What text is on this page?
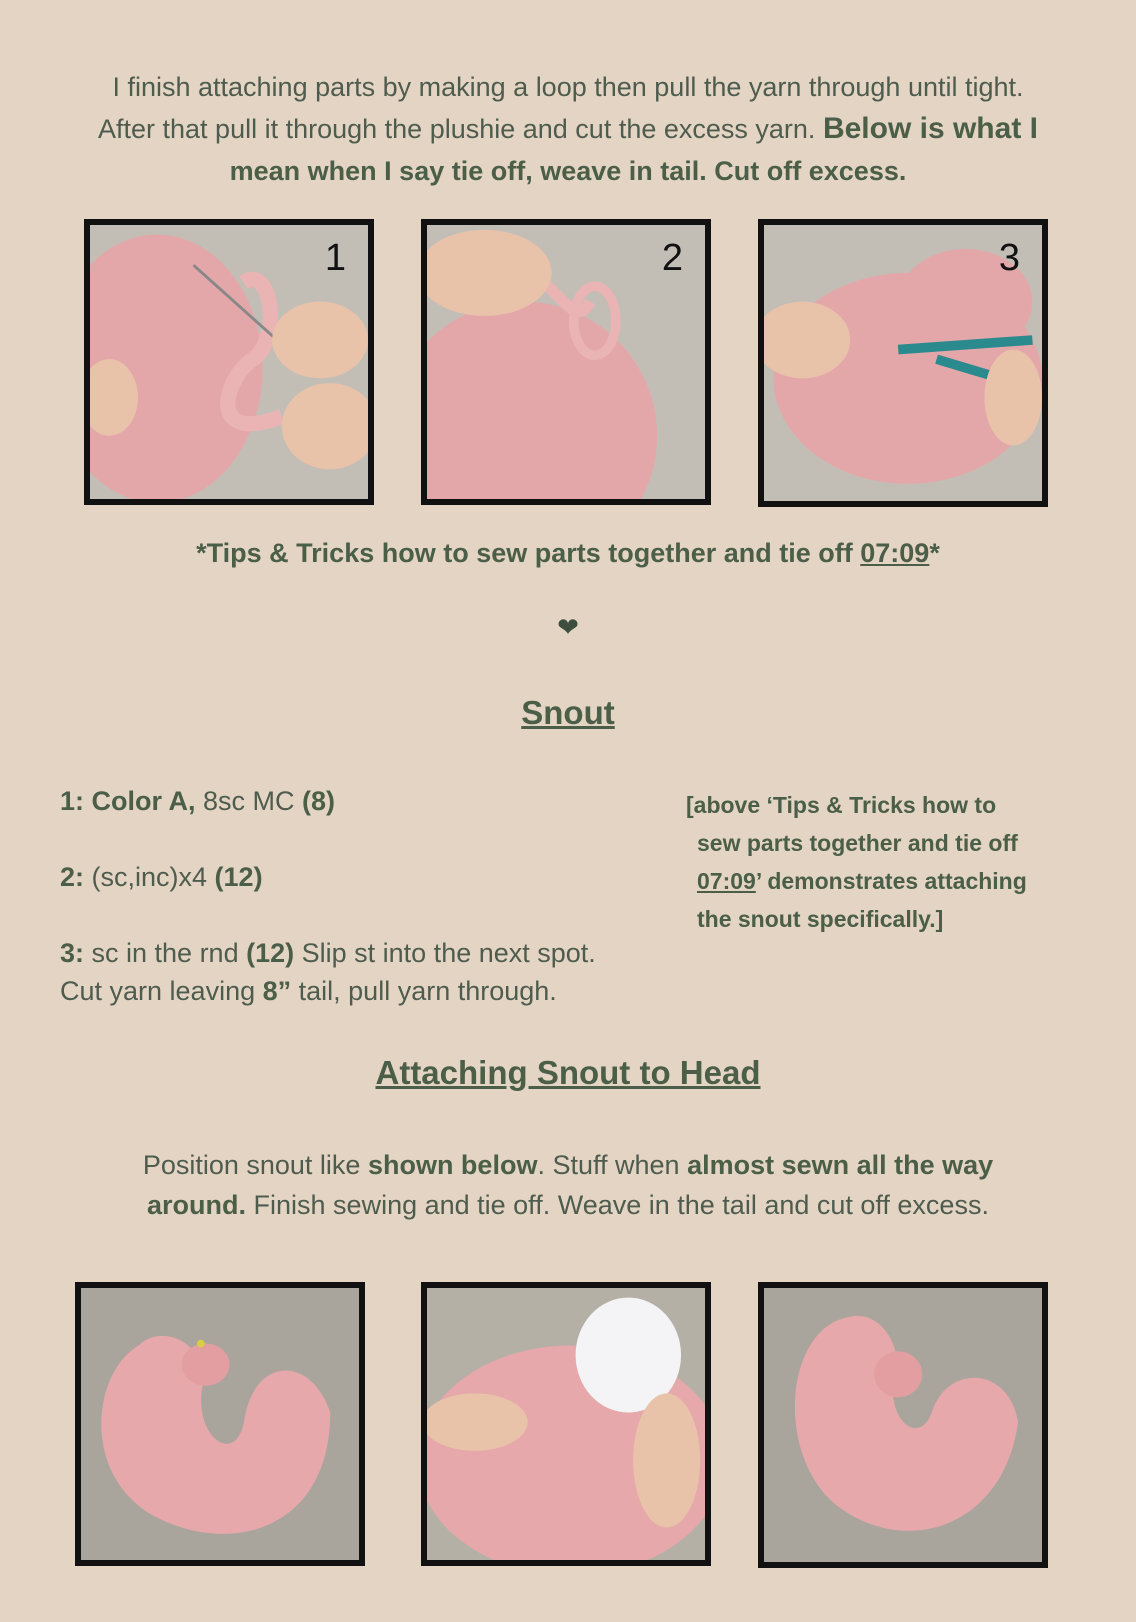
I finish attaching parts by making a loop then pull the yarn through until tight.
After that pull it through the plushie and cut the excess yarn. Below is what I
mean when I say tie off, weave in tail. Cut off excess.
1	2	3
*Tips & Tricks how to sew parts together and tie off 07:09*
❤
Snout

1: Color A, 8sc MC (8)

2: (sc,inc)x4 (12)

3: sc in the rnd (12) Slip st into the next spot.

Cut yarn leaving 8” tail, pull yarn through.

[above ‘Tips & Tricks how to
sew parts together and tie off
07:09’ demonstrates attaching
the snout specifically.]
Attaching Snout to Head
Position snout like shown below. Stuff when almost sewn all the way
around. Finish sewing and tie off. Weave in the tail and cut off excess.
